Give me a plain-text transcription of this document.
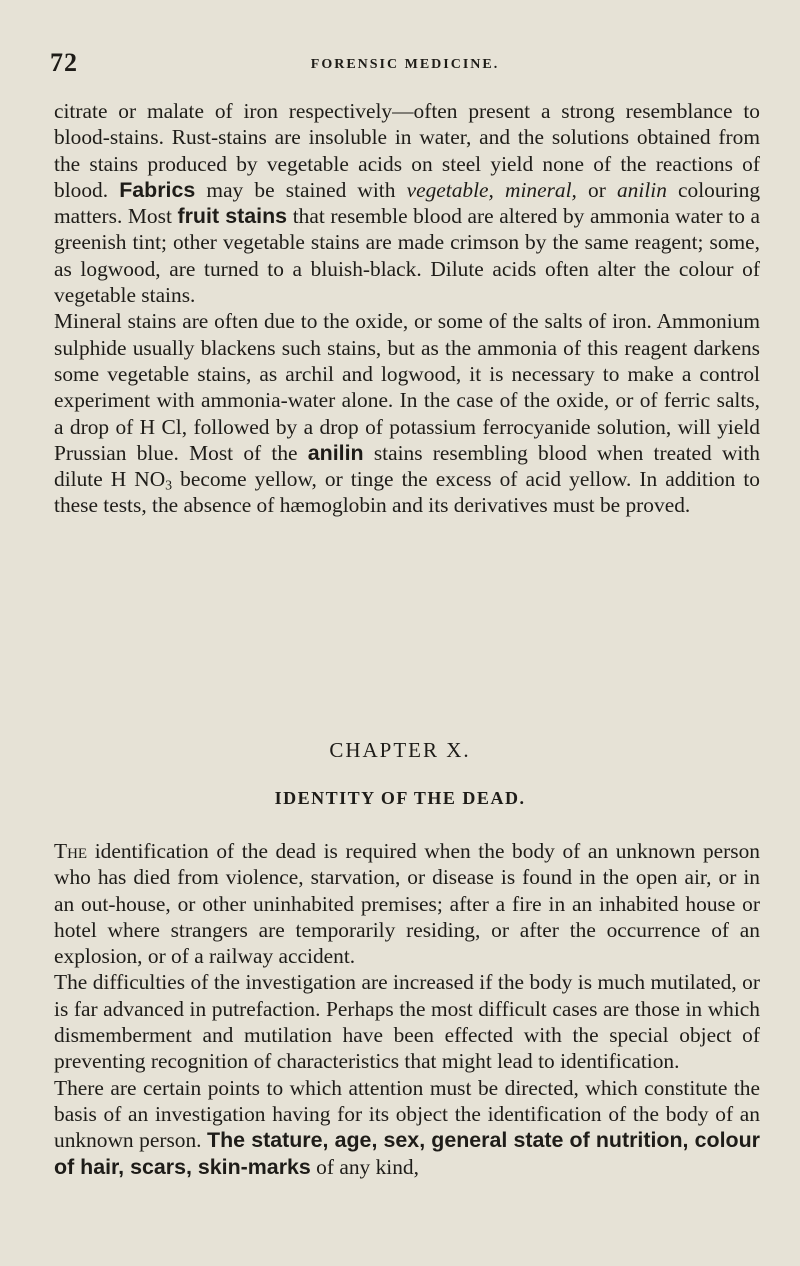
72	FORENSIC MEDICINE.

citrate or malate of iron respectively—often present a strong resemblance to blood-stains. Rust-stains are insoluble in water, and the solutions obtained from the stains produced by vegetable acids on steel yield none of the reactions of blood. Fabrics may be stained with vegetable, mineral, or anilin colouring matters. Most fruit stains that resemble blood are altered by ammonia water to a greenish tint; other vegetable stains are made crimson by the same reagent; some, as logwood, are turned to a bluish-black. Dilute acids often alter the colour of vegetable stains.

Mineral stains are often due to the oxide, or some of the salts of iron. Ammonium sulphide usually blackens such stains, but as the ammonia of this reagent darkens some vegetable stains, as archil and logwood, it is necessary to make a control experiment with ammonia-water alone. In the case of the oxide, or of ferric salts, a drop of H Cl, followed by a drop of potassium ferrocyanide solution, will yield Prussian blue. Most of the anilin stains resembling blood when treated with dilute H $NO_3$ become yellow, or tinge the excess of acid yellow. In addition to these tests, the absence of hæmoglobin and its derivatives must be proved.

CHAPTER X.
IDENTITY OF THE DEAD.

The identification of the dead is required when the body of an unknown person who has died from violence, starvation, or disease is found in the open air, or in an out-house, or other uninhabited premises; after a fire in an inhabited house or hotel where strangers are temporarily residing, or after the occurrence of an explosion, or of a railway accident.

The difficulties of the investigation are increased if the body is much mutilated, or is far advanced in putrefaction. Perhaps the most difficult cases are those in which dismemberment and mutilation have been effected with the special object of preventing recognition of characteristics that might lead to identification.

There are certain points to which attention must be directed, which constitute the basis of an investigation having for its object the identification of the body of an unknown person. The stature, age, sex, general state of nutrition, colour of hair, scars, skin-marks of any kind,
